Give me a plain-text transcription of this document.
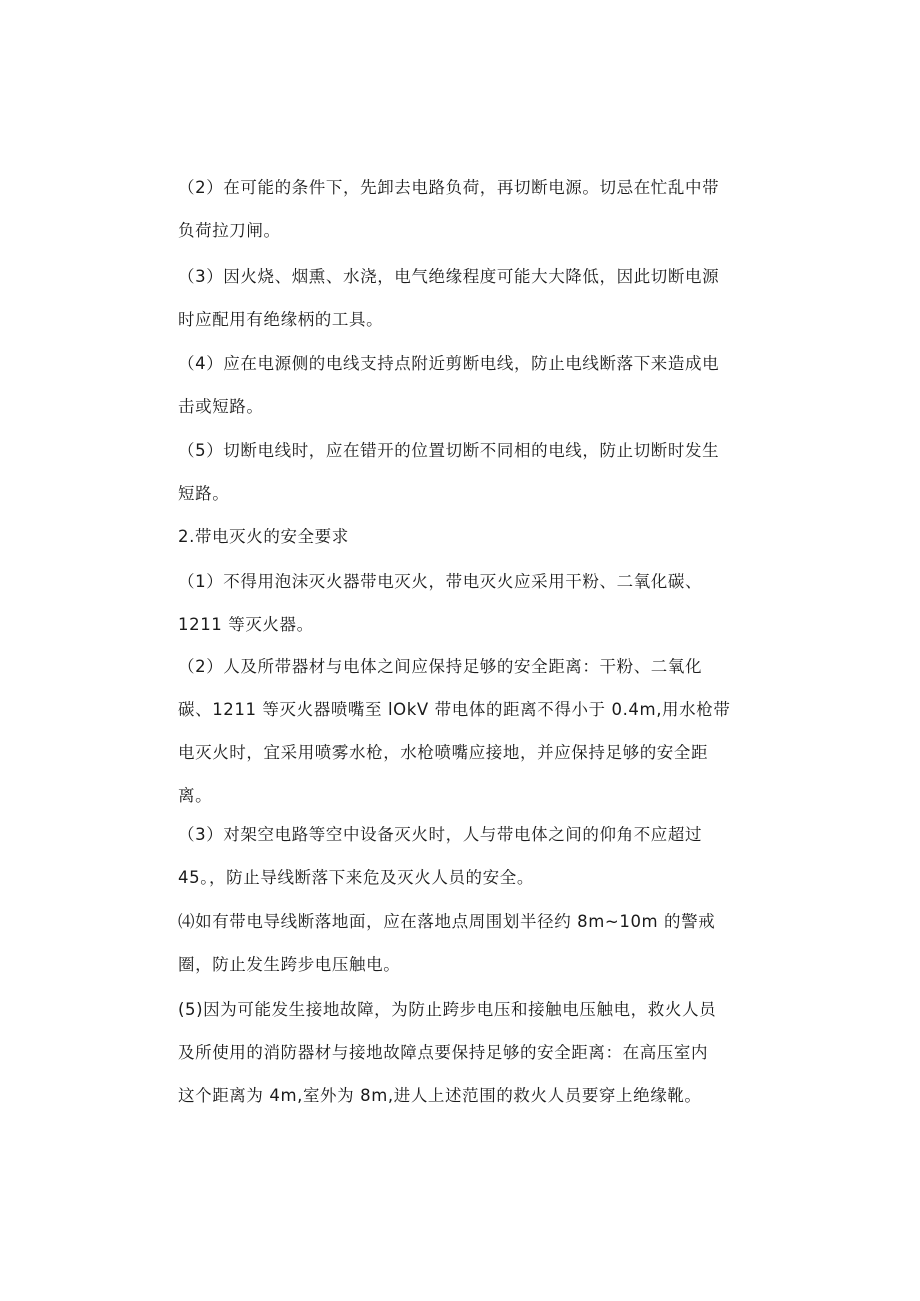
（2）在可能的条件下，先卸去电路负荷，再切断电源。切忌在忙乱中带
负荷拉刀闸。
（3）因火烧、烟熏、水浇，电气绝缘程度可能大大降低，因此切断电源
时应配用有绝缘柄的工具。
（4）应在电源侧的电线支持点附近剪断电线，防止电线断落下来造成电
击或短路。
（5）切断电线时，应在错开的位置切断不同相的电线，防止切断时发生
短路。
2.带电灭火的安全要求
（1）不得用泡沫灭火器带电灭火，带电灭火应采用干粉、二氧化碳、
1211 等灭火器。
（2）人及所带器材与电体之间应保持足够的安全距离：干粉、二氧化
碳、1211 等灭火器喷嘴至 lOkV 带电体的距离不得小于 0.4m,用水枪带
电灭火时，宜采用喷雾水枪，水枪喷嘴应接地，并应保持足够的安全距
离。
（3）对架空电路等空中设备灭火时，人与带电体之间的仰角不应超过
45。，防止导线断落下来危及灭火人员的安全。
⑷如有带电导线断落地面，应在落地点周围划半径约 8m~10m 的警戒
圈，防止发生跨步电压触电。
(5)因为可能发生接地故障，为防止跨步电压和接触电压触电，救火人员
及所使用的消防器材与接地故障点要保持足够的安全距离：在高压室内
这个距离为 4m,室外为 8m,进人上述范围的救火人员要穿上绝缘靴。
